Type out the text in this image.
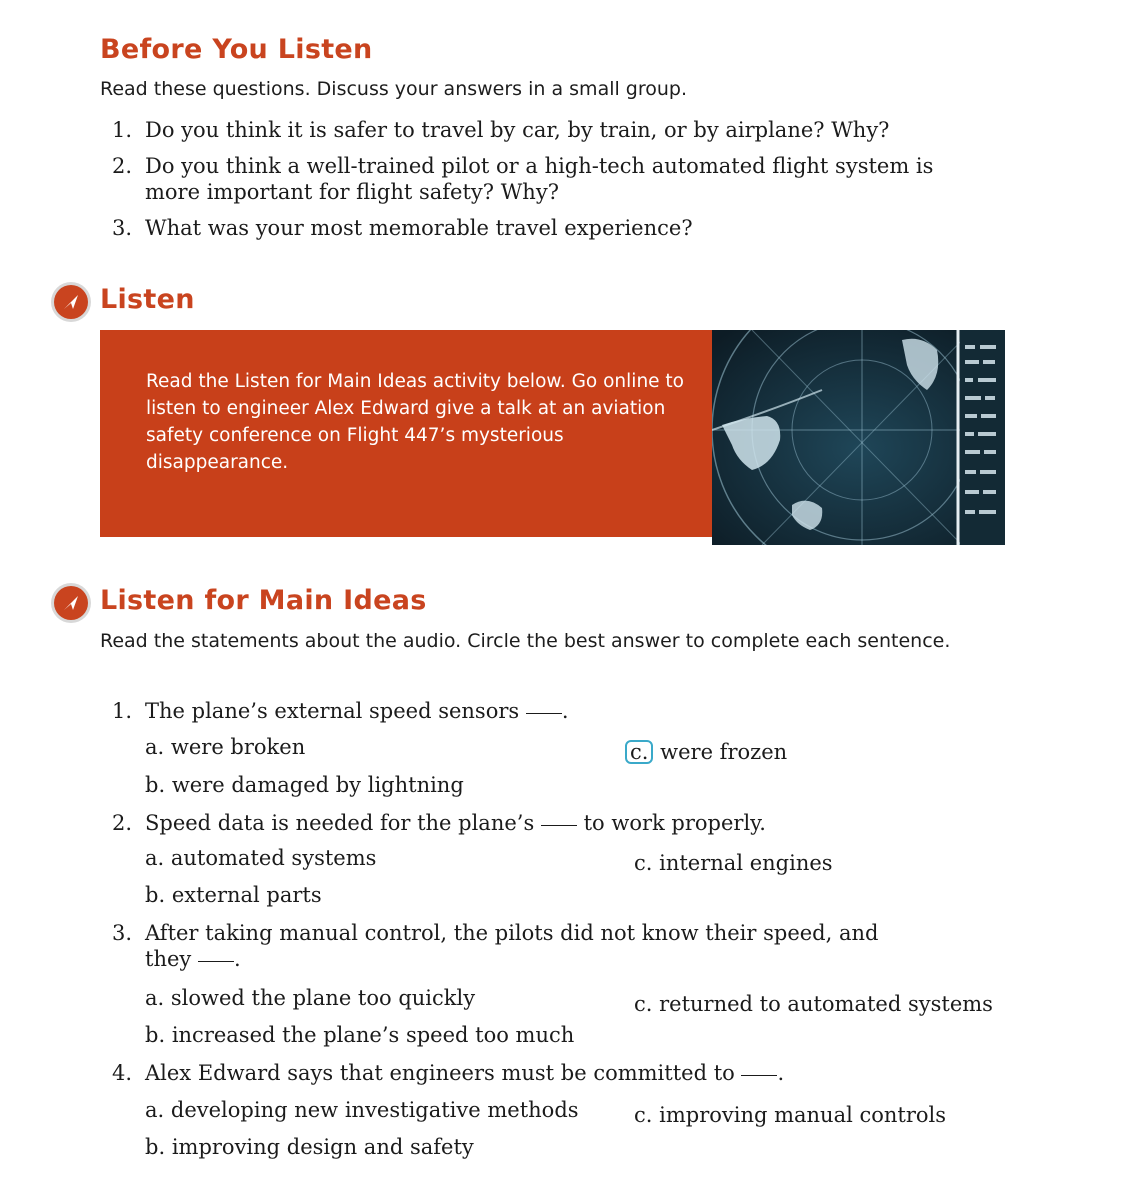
Before You Listen

Read these questions. Discuss your answers in a small group.

1. Do you think it is safer to travel by car, by train, or by airplane? Why?
2. Do you think a well-trained pilot or a high-tech automated flight system is more important for flight safety? Why?
3. What was your most memorable travel experience?
Listen

Read the Listen for Main Ideas activity below. Go online to listen to engineer Alex Edward give a talk at an aviation safety conference on Flight 447’s mysterious disappearance.

Listen for Main Ideas

Read the statements about the audio. Circle the best answer to complete each sentence.

1. The plane’s external speed sensors .
a. were broken	c. were frozen
b. were damaged by lightning
2. Speed data is needed for the plane’s to work properly.
a. automated systems	c. internal engines
b. external parts
3. After taking manual control, the pilots did not know their speed, and they .
a. slowed the plane too quickly	c. returned to automated systems
b. increased the plane’s speed too much
4. Alex Edward says that engineers must be committed to .
a. developing new investigative methods	c. improving manual controls
b. improving design and safety
